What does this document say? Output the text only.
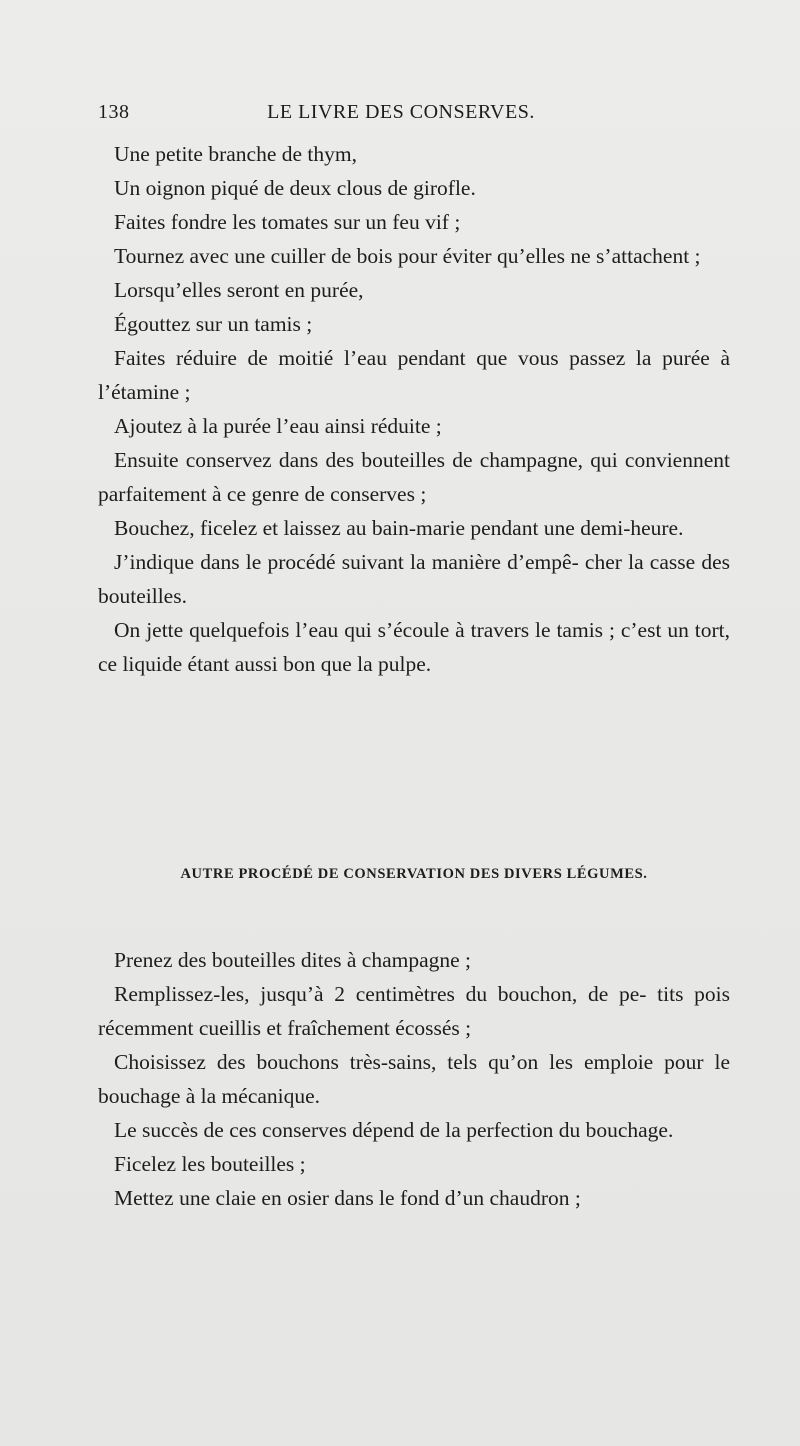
138	LE LIVRE DES CONSERVES.

Une petite branche de thym,

Un oignon piqué de deux clous de girofle.

Faites fondre les tomates sur un feu vif ;

Tournez avec une cuiller de bois pour éviter qu’elles ne s’attachent ;

Lorsqu’elles seront en purée,

Égouttez sur un tamis ;

Faites réduire de moitié l’eau pendant que vous passez la purée à l’étamine ;

Ajoutez à la purée l’eau ainsi réduite ;

Ensuite conservez dans des bouteilles de champagne, qui conviennent parfaitement à ce genre de conserves ;

Bouchez, ficelez et laissez au bain-marie pendant une demi-heure.

J’indique dans le procédé suivant la manière d’empê- cher la casse des bouteilles.

On jette quelquefois l’eau qui s’écoule à travers le tamis ; c’est un tort, ce liquide étant aussi bon que la pulpe.

AUTRE PROCÉDÉ DE CONSERVATION DES DIVERS LÉGUMES.

Prenez des bouteilles dites à champagne ;

Remplissez-les, jusqu’à 2 centimètres du bouchon, de pe- tits pois récemment cueillis et fraîchement écossés ;

Choisissez des bouchons très-sains, tels qu’on les emploie pour le bouchage à la mécanique.

Le succès de ces conserves dépend de la perfection du bouchage.

Ficelez les bouteilles ;

Mettez une claie en osier dans le fond d’un chaudron ;
